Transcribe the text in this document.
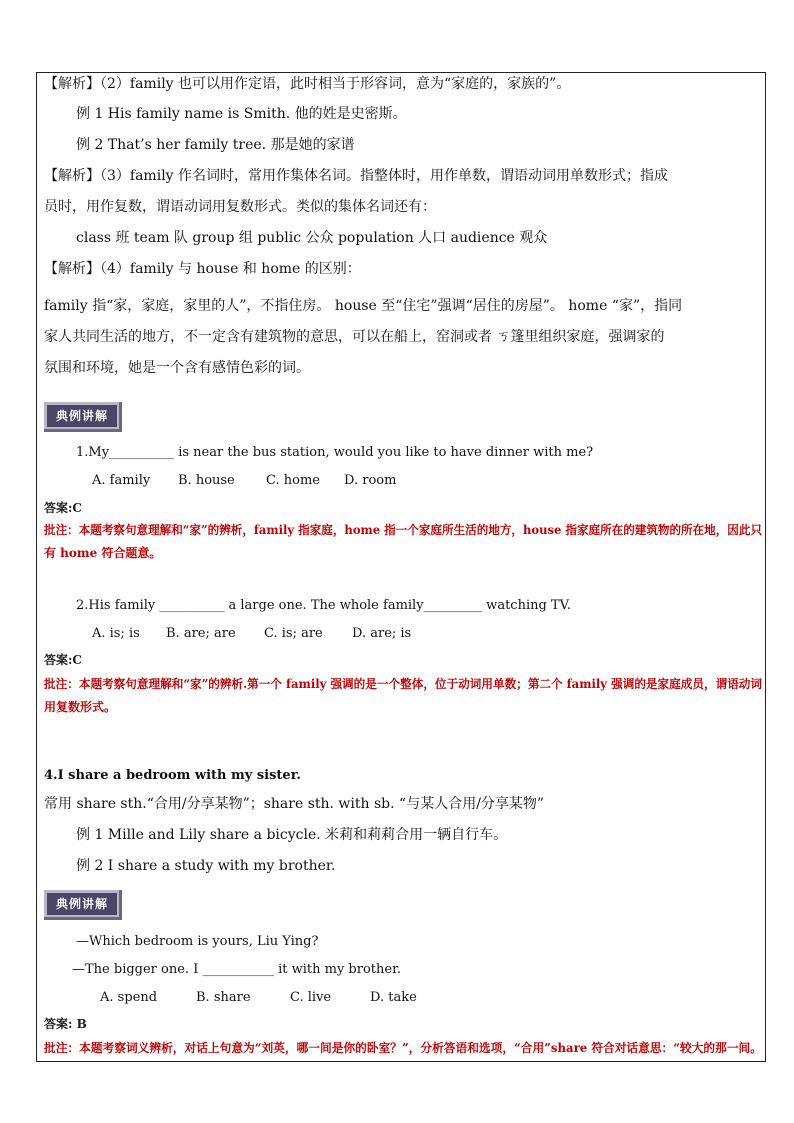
【解析】（2）family 也可以用作定语，此时相当于形容词，意为“家庭的，家族的”。
例 1 His family name is Smith. 他的姓是史密斯。
例 2 That’s her family tree. 那是她的家谱
【解析】（3）family 作名词时，常用作集体名词。指整体时，用作单数，谓语动词用单数形式；指成
员时，用作复数，谓语动词用复数形式。类似的集体名词还有：
class 班 team 队 group 组 public 公众 population 人口 audience 观众
【解析】（4）family 与 house 和 home 的区别：
family 指“家，家庭，家里的人”，不指住房。 house 至“住宅”强调“居住的房屋”。 home “家”，指同
家人共同生活的地方，不一定含有建筑物的意思，可以在船上，窑洞或者 ㄎ篷里组织家庭，强调家的
氛围和环境，她是一个含有感情色彩的词。
典例讲解
1.My__________ is near the bus station, would you like to have dinner with me?
A. family B. house C. home D. room
答案:C
批注：本题考察句意理解和“家”的辨析，family 指家庭，home 指一个家庭所生活的地方，house 指家庭所在的建筑物的所在地，因此只
有 home 符合题意。
2.His family __________ a large one. The whole family_________ watching TV.
A. is; is B. are; are C. is; are D. are; is
答案:C
批注：本题考察句意理解和“家”的辨析.第一个 family 强调的是一个整体，位于动词用单数；第二个 family 强调的是家庭成员，谓语动词
用复数形式。
4.I share a bedroom with my sister.
常用 share sth.“合用/分享某物”；share sth. with sb. “与某人合用/分享某物”
例 1 Mille and Lily share a bicycle. 米莉和莉莉合用一辆自行车。
例 2 I share a study with my brother.
典例讲解
—Which bedroom is yours, Liu Ying?
—The bigger one. I ___________ it with my brother.
A. spend	B. share	C. live	D. take
答案: B
批注：本题考察词义辨析，对话上句意为“刘英，哪一间是你的卧室？”，分析答语和选项，“合用”share 符合对话意思：“较大的那一间。
